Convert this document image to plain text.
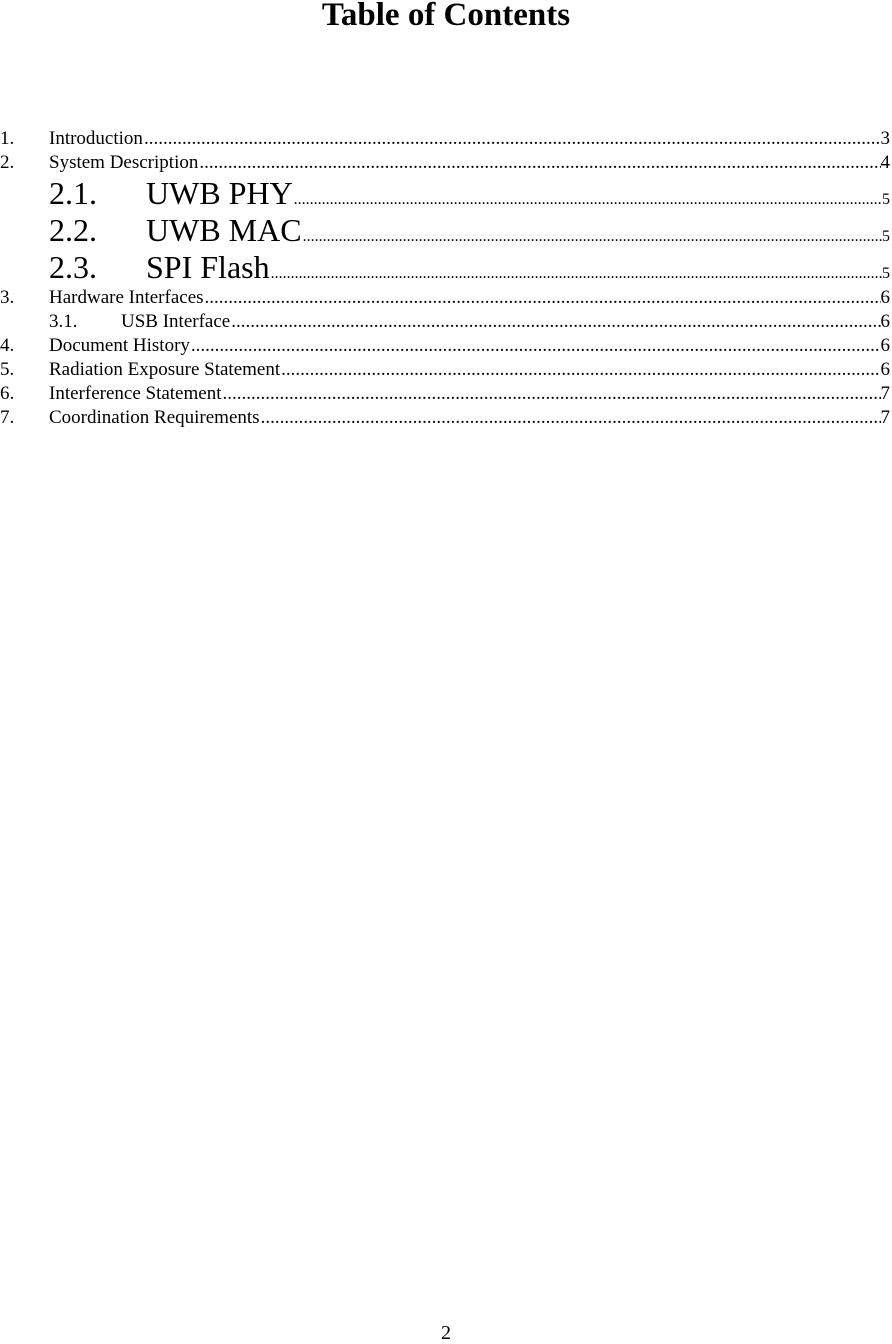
Table of Contents
1.	Introduction .....	3
2.	System Description .....	4
2.1.	UWB PHY .....	5
2.2.	UWB MAC .....	5
2.3.	SPI Flash .....	5
3.	Hardware Interfaces .....	6
3.1.	USB Interface .....	6
4.	Document History .....	6
5.	Radiation Exposure Statement .....	6
6.	Interference Statement .....	7
7.	Coordination Requirements .....	7
2
